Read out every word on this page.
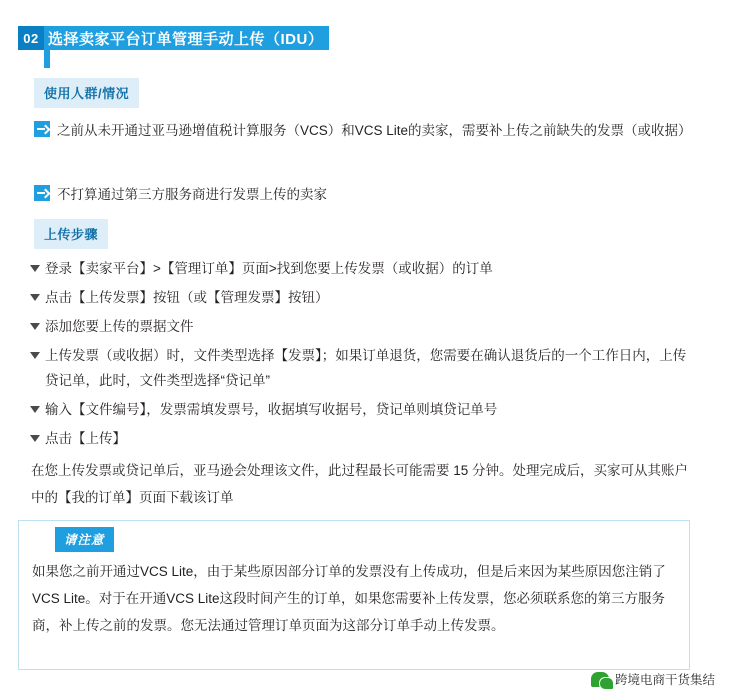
02 选择卖家平台订单管理手动上传（IDU）
使用人群/情况
之前从未开通过亚马逊增值税计算服务（VCS）和VCS Lite的卖家，需要补上传之前缺失的发票（或收据）
不打算通过第三方服务商进行发票上传的卖家
上传步骤
登录【卖家平台】>【管理订单】页面>找到您要上传发票（或收据）的订单
点击【上传发票】按钮（或【管理发票】按钮）
添加您要上传的票据文件
上传发票（或收据）时，文件类型选择【发票】；如果订单退货，您需要在确认退货后的一个工作日内，上传贷记单，此时，文件类型选择“贷记单”
输入【文件编号】，发票需填发票号，收据填写收据号，贷记单则填贷记单号
点击【上传】
在您上传发票或贷记单后，亚马逊会处理该文件，此过程最长可能需要 15 分钟。处理完成后，买家可从其账户中的【我的订单】页面下载该订单
请注意
如果您之前开通过VCS Lite，由于某些原因部分订单的发票没有上传成功，但是后来因为某些原因您注销了VCS Lite。对于在开通VCS Lite这段时间产生的订单，如果您需要补上传发票，您必须联系您的第三方服务商，补上传之前的发票。您无法通过管理订单页面为这部分订单手动上传发票。
跨境电商干货集结
